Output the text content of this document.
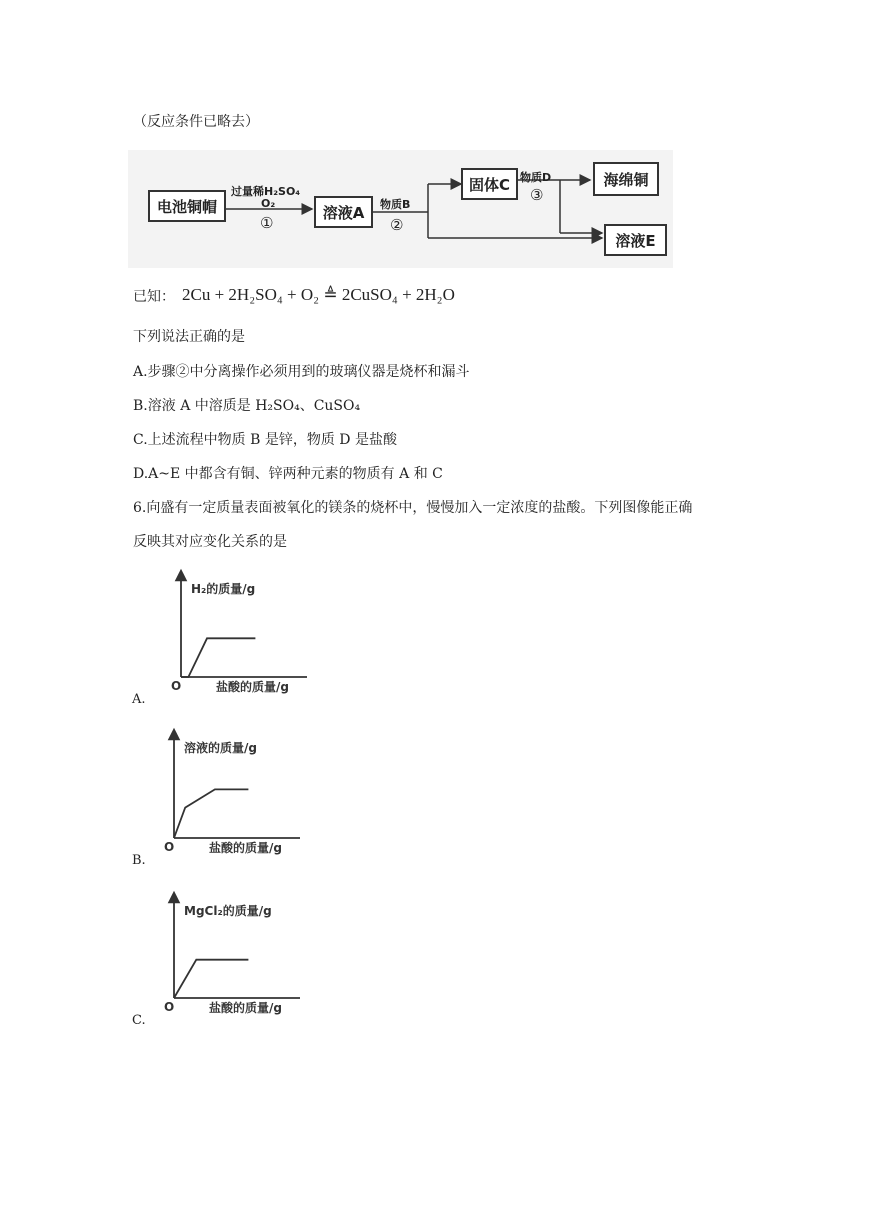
（反应条件已略去）
电池铜帽	溶液A
固体C	海绵铜
溶液E
过量稀H₂SO₄
O₂
①
物质B
②
物质D
③
已知： 2Cu + 2H₂SO₄ + O₂ ≜ 2CuSO₄ + 2H₂O
下列说法正确的是
A.步骤②中分离操作必须用到的玻璃仪器是烧杯和漏斗
B.溶液 A 中溶质是 H₂SO₄、CuSO₄
C.上述流程中物质 B 是锌，物质 D 是盐酸
D.A~E 中都含有铜、锌两种元素的物质有 A 和 C
6.向盛有一定质量表面被氧化的镁条的烧杯中，慢慢加入一定浓度的盐酸。下列图像能正确
反映其对应变化关系的是
H₂的质量/g
盐酸的质量/g
O
A.
溶液的质量/g
盐酸的质量/g
O
B.
MgCl₂的质量/g
盐酸的质量/g
O
C.
